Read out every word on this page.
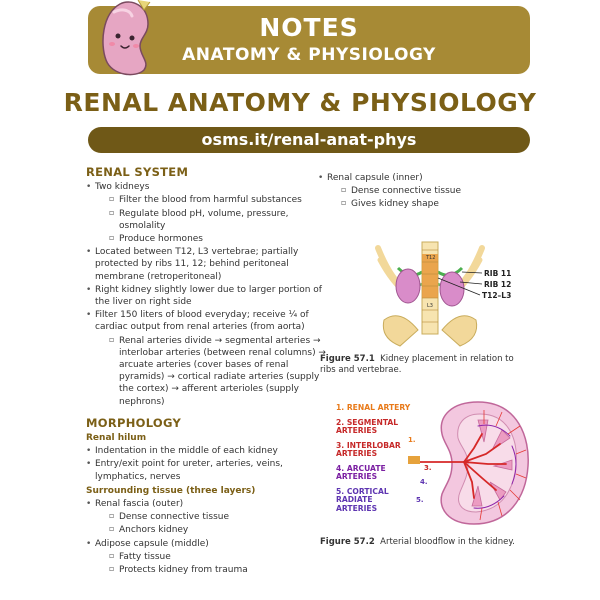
NOTES
ANATOMY & PHYSIOLOGY
RENAL ANATOMY & PHYSIOLOGY
osms.it/renal-anat-phys
RENAL SYSTEM
• Two kidneys
▫ Filter the blood from harmful substances
▫ Regulate blood pH, volume, pressure, osmolality
▫ Produce hormones
• Located between T12, L3 vertebrae; partially protected by ribs 11, 12; behind peritoneal membrane (retroperitoneal)
• Right kidney slightly lower due to larger portion of the liver on right side
• Filter 150 liters of blood everyday; receive ¼ of cardiac output from renal arteries (from aorta)
▫ Renal arteries divide → segmental arteries → interlobar arteries (between renal columns) → arcuate arteries (cover bases of renal pyramids) → cortical radiate arteries (supply the cortex) → afferent arterioles (supply nephrons)
MORPHOLOGY
Renal hilum
• Indentation in the middle of each kidney
• Entry/exit point for ureter, arteries, veins, lymphatics, nerves
Surrounding tissue (three layers)
• Renal fascia (outer)
▫ Dense connective tissue
▫ Anchors kidney
• Adipose capsule (middle)
▫ Fatty tissue
▫ Protects kidney from trauma
• Renal capsule (inner)
▫ Dense connective tissue
▫ Gives kidney shape
T12
L3
RIB 11
RIB 12
T12–L3
Figure 57.1 Kidney placement in relation to ribs and vertebrae.
1. RENAL ARTERY
2. SEGMENTAL ARTERIES
3. INTERLOBAR ARTERIES
4. ARCUATE ARTERIES
5. CORTICAL RADIATE ARTERIES
1.
3.
4.
5.
Figure 57.2 Arterial bloodflow in the kidney.
